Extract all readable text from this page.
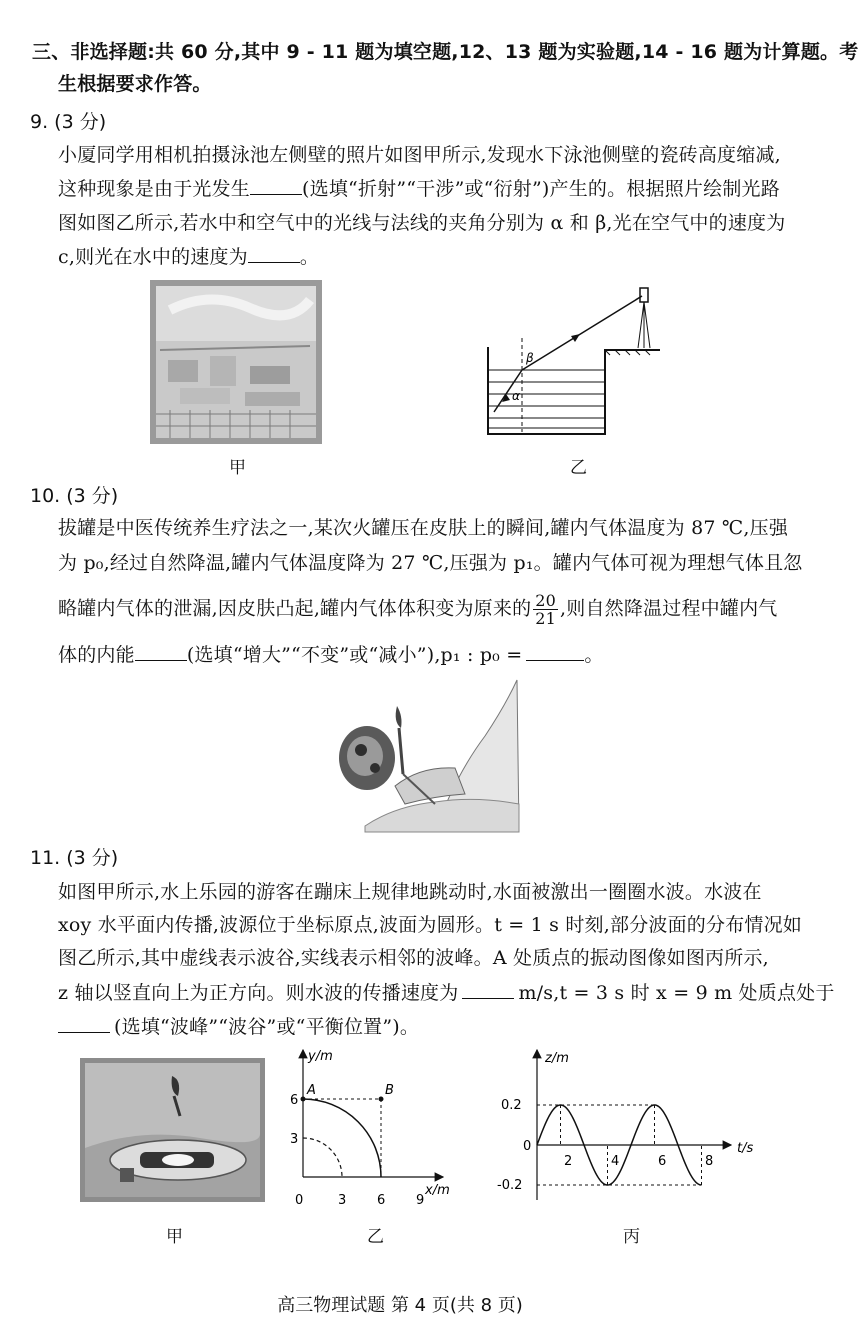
三、非选择题:共 60 分,其中 9 - 11 题为填空题,12、13 题为实验题,14 - 16 题为计算题。考
生根据要求作答。
9. (3 分)
小厦同学用相机拍摄泳池左侧壁的照片如图甲所示,发现水下泳池侧壁的瓷砖高度缩减,
这种现象是由于光发生	(选填“折射”“干涉”或“衍射”)产生的。根据照片绘制光路
图如图乙所示,若水中和空气中的光线与法线的夹角分别为 α 和 β,光在空气中的速度为
c,则光在水中的速度为	。
甲
β
α
乙
10. (3 分)
拔罐是中医传统养生疗法之一,某次火罐压在皮肤上的瞬间,罐内气体温度为 87 ℃,压强
为 p₀,经过自然降温,罐内气体温度降为 27 ℃,压强为 p₁。罐内气体可视为理想气体且忽
略罐内气体的泄漏,因皮肤凸起,罐内气体体积变为原来的 $\frac{20}{21}$ ,则自然降温过程中罐内气
体的内能	(选填“增大”“不变”或“减小”),p₁ : p₀ =	。
11. (3 分)
如图甲所示,水上乐园的游客在蹦床上规律地跳动时,水面被激出一圈圈水波。水波在
xoy 水平面内传播,波源位于坐标原点,波面为圆形。t = 1 s 时刻,部分波面的分布情况如
图乙所示,其中虚线表示波谷,实线表示相邻的波峰。A 处质点的振动图像如图丙所示,
z 轴以竖直向上为正方向。则水波的传播速度为	m/s,t = 3 s 时 x = 9 m 处质点处于
(选填“波峰”“波谷”或“平衡位置”)。
甲
y/m
x/m
A	B
6
3
0	3 6 9
乙
z/m
t/s
0.2
0
-0.2
2	4	6	8
丙
高三物理试题 第 4 页(共 8 页)
